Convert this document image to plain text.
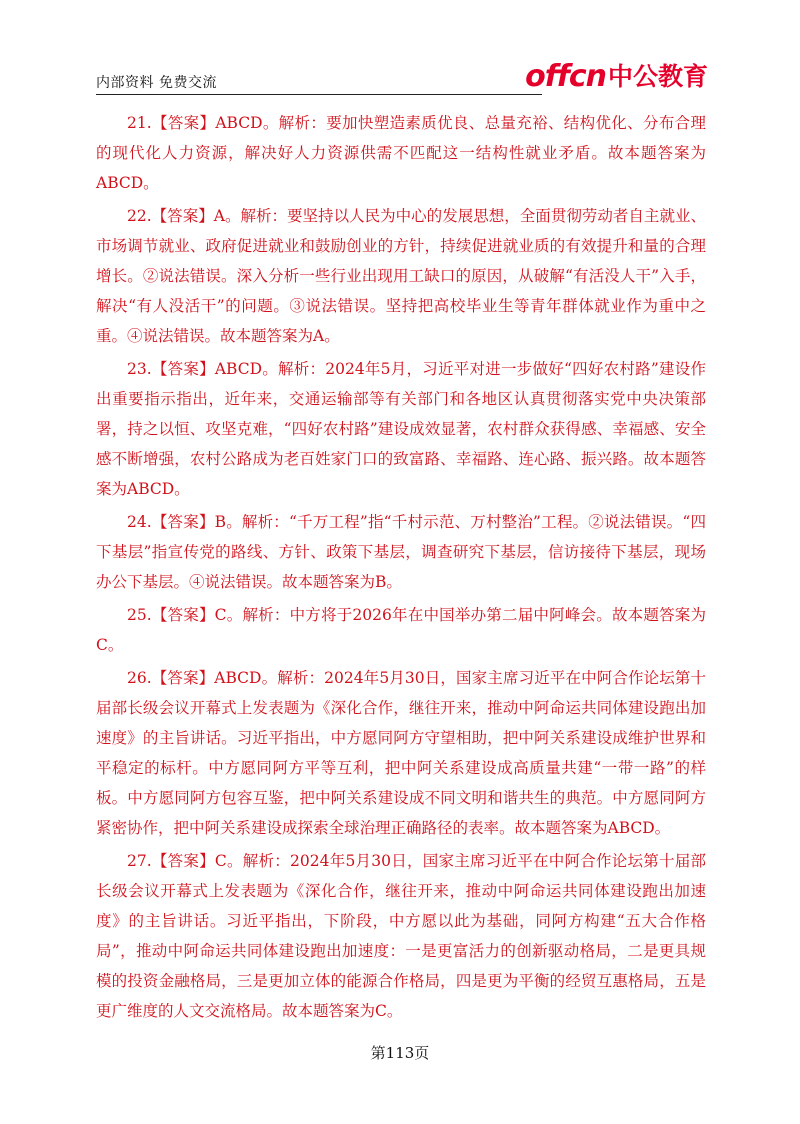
内部资料 免费交流	offcn 中公教育

21.【答案】ABCD。解析：要加快塑造素质优良、总量充裕、结构优化、分布合理的现代化人力资源，解决好人力资源供需不匹配这一结构性就业矛盾。故本题答案为ABCD。

22.【答案】A。解析：要坚持以人民为中心的发展思想，全面贯彻劳动者自主就业、市场调节就业、政府促进就业和鼓励创业的方针，持续促进就业质的有效提升和量的合理增长。②说法错误。深入分析一些行业出现用工缺口的原因，从破解“有活没人干”入手，解决“有人没活干”的问题。③说法错误。坚持把高校毕业生等青年群体就业作为重中之重。④说法错误。故本题答案为A。

23.【答案】ABCD。解析：2024年5月，习近平对进一步做好“四好农村路”建设作出重要指示指出，近年来，交通运输部等有关部门和各地区认真贯彻落实党中央决策部署，持之以恒、攻坚克难，“四好农村路”建设成效显著，农村群众获得感、幸福感、安全感不断增强，农村公路成为老百姓家门口的致富路、幸福路、连心路、振兴路。故本题答案为ABCD。

24.【答案】B。解析：“千万工程”指“千村示范、万村整治”工程。②说法错误。“四下基层”指宣传党的路线、方针、政策下基层，调查研究下基层，信访接待下基层，现场办公下基层。④说法错误。故本题答案为B。

25.【答案】C。解析：中方将于2026年在中国举办第二届中阿峰会。故本题答案为C。

26.【答案】ABCD。解析：2024年5月30日，国家主席习近平在中阿合作论坛第十届部长级会议开幕式上发表题为《深化合作，继往开来，推动中阿命运共同体建设跑出加速度》的主旨讲话。习近平指出，中方愿同阿方守望相助，把中阿关系建设成维护世界和平稳定的标杆。中方愿同阿方平等互利，把中阿关系建设成高质量共建“一带一路”的样板。中方愿同阿方包容互鉴，把中阿关系建设成不同文明和谐共生的典范。中方愿同阿方紧密协作，把中阿关系建设成探索全球治理正确路径的表率。故本题答案为ABCD。

27.【答案】C。解析：2024年5月30日，国家主席习近平在中阿合作论坛第十届部长级会议开幕式上发表题为《深化合作，继往开来，推动中阿命运共同体建设跑出加速度》的主旨讲话。习近平指出，下阶段，中方愿以此为基础，同阿方构建“五大合作格局”，推动中阿命运共同体建设跑出加速度：一是更富活力的创新驱动格局，二是更具规模的投资金融格局，三是更加立体的能源合作格局，四是更为平衡的经贸互惠格局，五是更广维度的人文交流格局。故本题答案为C。

第113页
